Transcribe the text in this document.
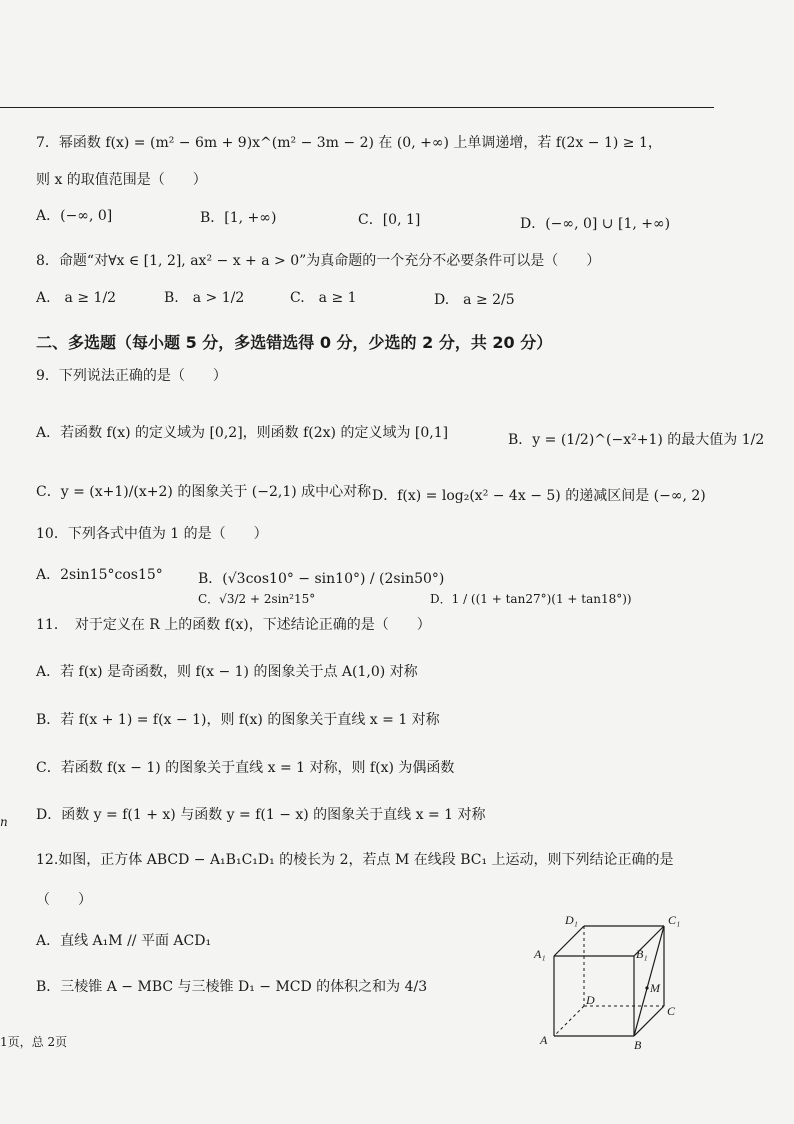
7．幂函数 f(x) = (m² − 6m + 9)x^(m² − 3m − 2) 在 (0, +∞) 上单调递增，若 f(2x − 1) ≥ 1，
则 x 的取值范围是（　　）
A．(−∞, 0]	B．[1, +∞)	C．[0, 1]	D．(−∞, 0] ∪ [1, +∞)
8．命题“对∀x ∈ [1, 2], ax² − x + a > 0”为真命题的一个充分不必要条件可以是（　　）
A.　a ≥ 1/2	B.　a > 1/2	C.　a ≥ 1	D.　a ≥ 2/5
二、多选题（每小题 5 分，多选错选得 0 分，少选的 2 分，共 20 分）
9．下列说法正确的是（　　）
A．若函数 f(x) 的定义域为 [0,2]，则函数 f(2x) 的定义域为 [0,1]	B．y = (1/2)^(−x²+1) 的最大值为 1/2
C．y = (x+1)/(x+2) 的图象关于 (−2,1) 成中心对称 D．f(x) = log₂(x² − 4x − 5) 的递减区间是 (−∞, 2)
10．下列各式中值为 1 的是（　　）
A．2sin15°cos15°	B．(√3cos10° − sin10°) / (2sin50°)
C．√3/2 + 2sin²15°	D．1 / ((1 + tan27°)(1 + tan18°))
11．　对于定义在 R 上的函数 f(x)，下述结论正确的是（　　）
A．若 f(x) 是奇函数，则 f(x − 1) 的图象关于点 A(1,0) 对称
B．若 f(x + 1) = f(x − 1)，则 f(x) 的图象关于直线 x = 1 对称
C．若函数 f(x − 1) 的图象关于直线 x = 1 对称，则 f(x) 为偶函数
D．函数 y = f(1 + x) 与函数 y = f(1 − x) 的图象关于直线 x = 1 对称
12.如图，正方体 ABCD − A₁B₁C₁D₁ 的棱长为 2，若点 M 在线段 BC₁ 上运动，则下列结论正确的是
（　　）
A．直线 A₁M // 平面 ACD₁
B．三棱锥 A − MBC 与三棱锥 D₁ − MCD 的体积之和为 4/3
D₁	C₁
A₁	B₁
M
D
C
A	B
n
1页，总 2页
